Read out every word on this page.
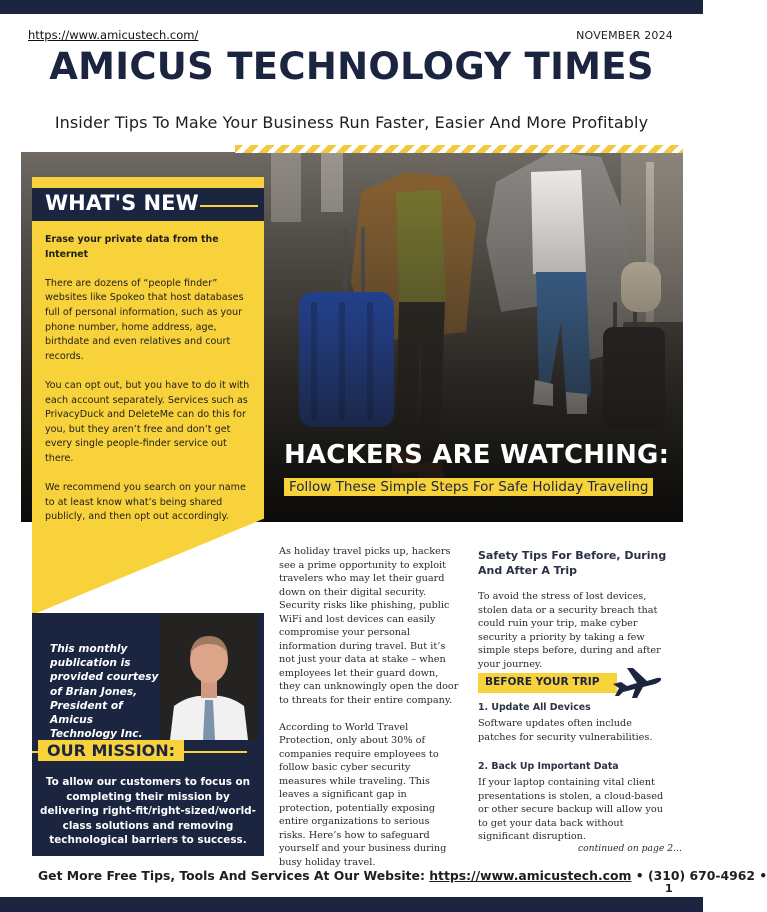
https://www.amicustech.com/	NOVEMBER 2024
AMICUS TECHNOLOGY TIMES
Insider Tips To Make Your Business Run Faster, Easier And More Profitably
HACKERS ARE WATCHING:
Follow These Simple Steps For Safe Holiday Traveling
WHAT'S NEW

Erase your private data from the Internet

There are dozens of “people finder” websites like Spokeo that host databases full of personal information, such as your phone number, home address, age, birthdate and even relatives and court records.

You can opt out, but you have to do it with each account separately. Services such as PrivacyDuck and DeleteMe can do this for you, but they aren’t free and don’t get every single people-finder service out there.

We recommend you search on your name to at least know what’s being shared publicly, and then opt out accordingly.

This monthly publication is provided courtesy of Brian Jones, President of Amicus Technology Inc.
OUR MISSION:
To allow our customers to focus on completing their mission by delivering right-fit/right-sized/world-class solutions and removing technological barriers to success.

As holiday travel picks up, hackers see a prime opportunity to exploit travelers who may let their guard down on their digital security. Security risks like phishing, public WiFi and lost devices can easily compromise your personal information during travel. But it’s not just your data at stake – when employees let their guard down, they can unknowingly open the door to threats for their entire company.

According to World Travel Protection, only about 30% of companies require employees to follow basic cyber security measures while traveling. This leaves a significant gap in protection, potentially exposing entire organizations to serious risks. Here’s how to safeguard yourself and your business during busy holiday travel.

Safety Tips For Before, During And After A Trip
To avoid the stress of lost devices, stolen data or a security breach that could ruin your trip, make cyber security a priority by taking a few simple steps before, during and after your journey.
BEFORE YOUR TRIP
1. Update All Devices
Software updates often include patches for security vulnerabilities.
2. Back Up Important Data
If your laptop containing vital client presentations is stolen, a cloud-based or other secure backup will allow you to get your data back without significant disruption.
continued on page 2...
Get More Free Tips, Tools And Services At Our Website: https://www.amicustech.com • (310) 670-4962 •
1
